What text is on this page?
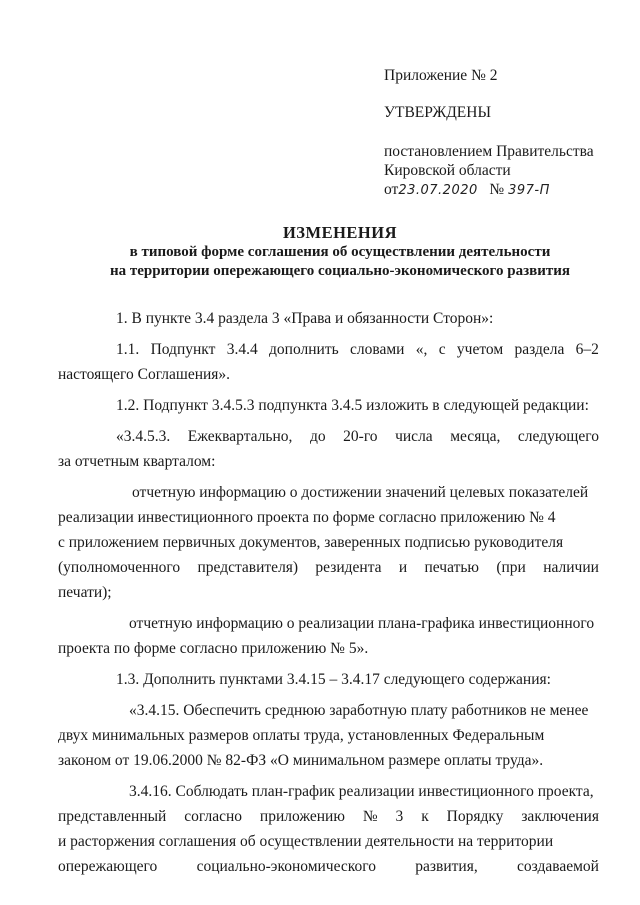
Приложение № 2
УТВЕРЖДЕНЫ
постановлением Правительства
Кировской области
от23.07.2020 № 397-П
ИЗМЕНЕНИЯ
в типовой форме соглашения об осуществлении деятельности
на территории опережающего социально-экономического развития
1. В пункте 3.4 раздела 3 «Права и обязанности Сторон»:
1.1. Подпункт 3.4.4 дополнить словами «, с учетом раздела 6–2
настоящего Соглашения».
1.2. Подпункт 3.4.5.3 подпункта 3.4.5 изложить в следующей редакции:
«3.4.5.3. Ежеквартально, до 20-го числа месяца, следующего
за отчетным кварталом:
отчетную информацию о достижении значений целевых показателей
реализации инвестиционного проекта по форме согласно приложению № 4
с приложением первичных документов, заверенных подписью руководителя
(уполномоченного представителя) резидента и печатью (при наличии
печати);
отчетную информацию о реализации плана-графика инвестиционного
проекта по форме согласно приложению № 5».
1.3. Дополнить пунктами 3.4.15 – 3.4.17 следующего содержания:
«3.4.15. Обеспечить среднюю заработную плату работников не менее
двух минимальных размеров оплаты труда, установленных Федеральным
законом от 19.06.2000 № 82-ФЗ «О минимальном размере оплаты труда».
3.4.16. Соблюдать план-график реализации инвестиционного проекта,
представленный согласно приложению № 3 к Порядку заключения
и расторжения соглашения об осуществлении деятельности на территории
опережающего	социально-экономического	развития,	создаваемой
